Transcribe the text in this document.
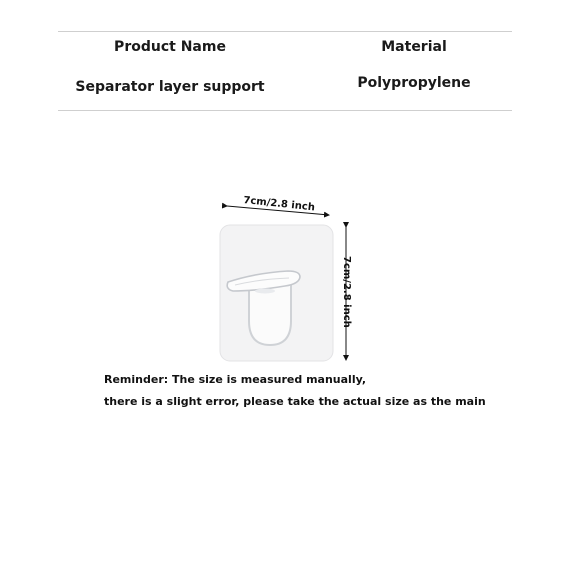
Product Name	Material
Separator layer support	Polypropylene
7cm/2.8 inch
7cm/2.8 inch
Reminder: The size is measured manually,
there is a slight error, please take the actual size as the main
